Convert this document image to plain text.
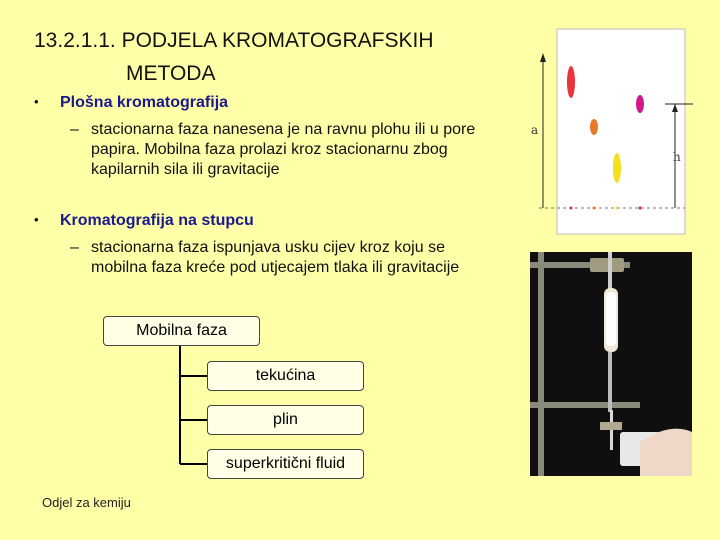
13.2.1.1. PODJELA KROMATOGRAFSKIH
METODA
• Plošna kromatografija
– stacionarna faza nanesena je na ravnu plohu ili u pore papira. Mobilna faza prolazi kroz stacionarnu zbog kapilarnih sila ili gravitacije
• Kromatografija na stupcu
– stacionarna faza ispunjava usku cijev kroz koju se mobilna faza kreće pod utjecajem tlaka ili gravitacije
Mobilna faza
tekućina
plin
superkritični fluid
a
h
Odjel za kemiju
